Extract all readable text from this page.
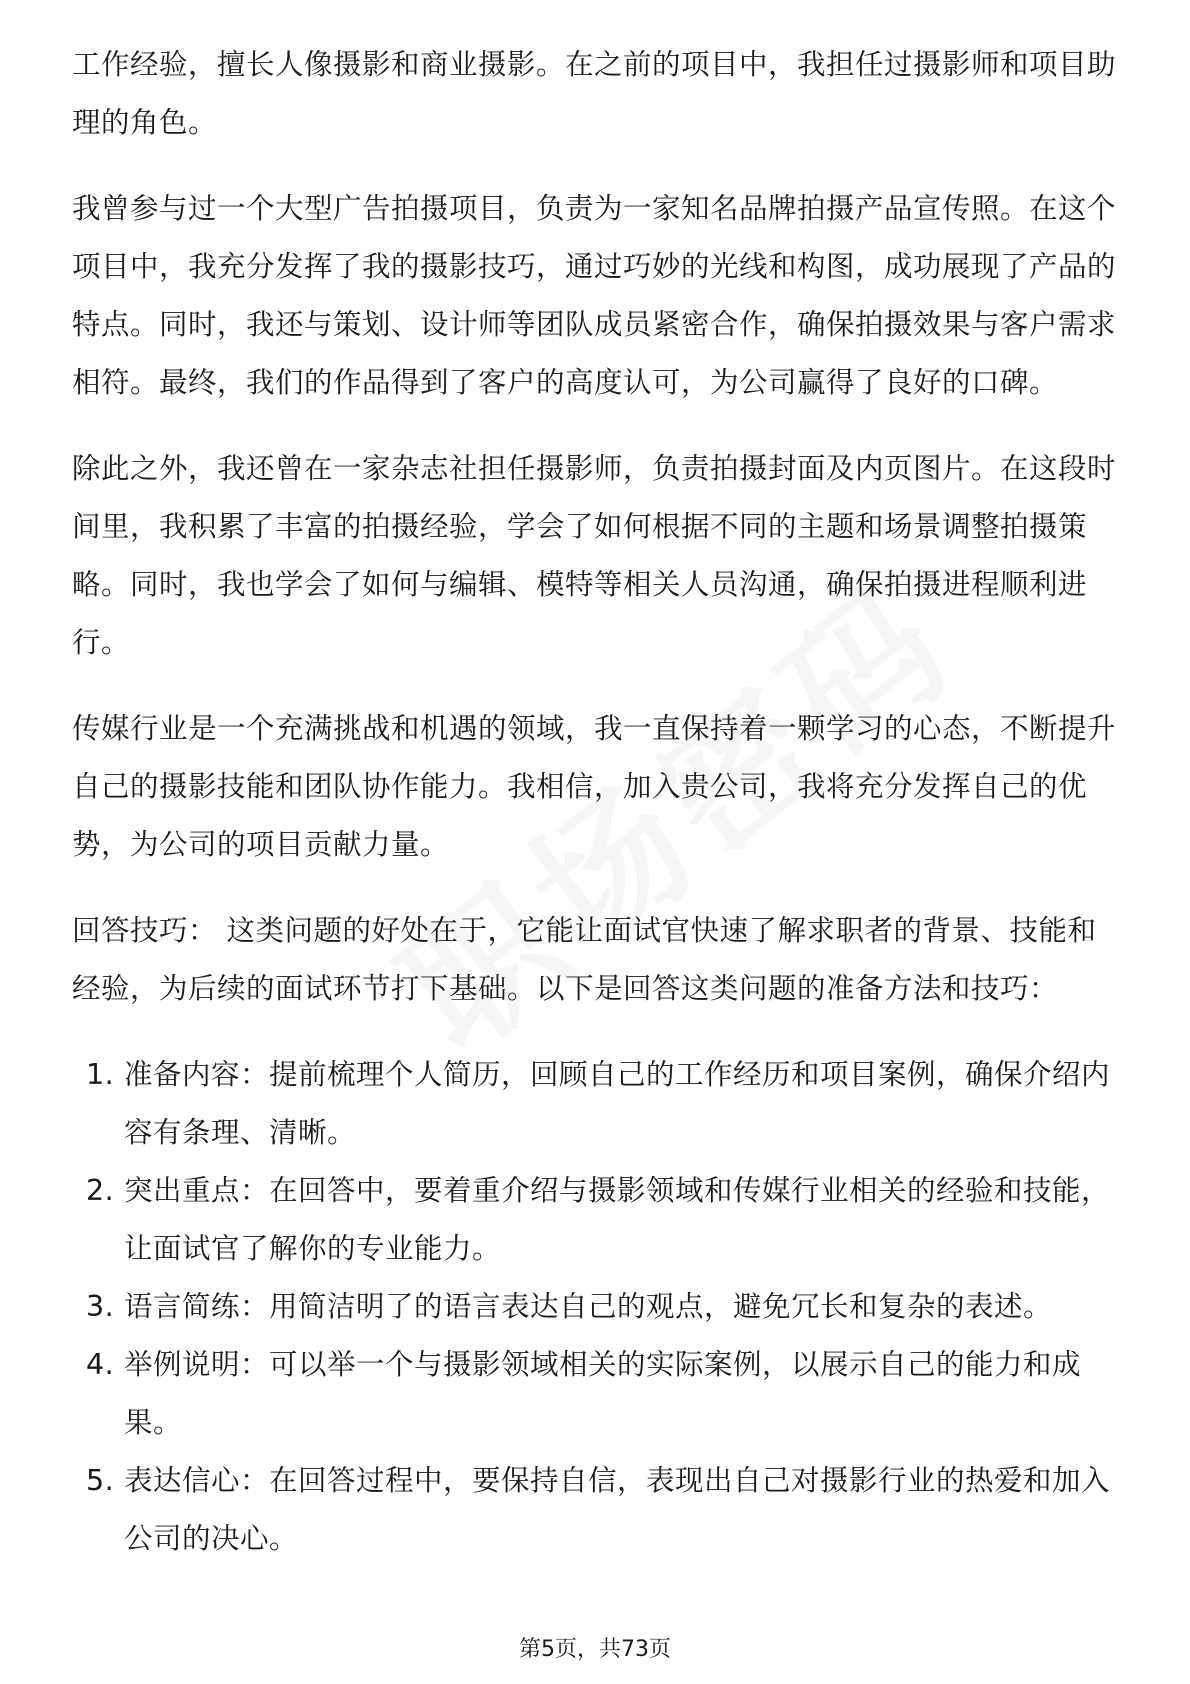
工作经验，擅长人像摄影和商业摄影。在之前的项目中，我担任过摄影师和项目助理的角色。

我曾参与过一个大型广告拍摄项目，负责为一家知名品牌拍摄产品宣传照。在这个项目中，我充分发挥了我的摄影技巧，通过巧妙的光线和构图，成功展现了产品的特点。同时，我还与策划、设计师等团队成员紧密合作，确保拍摄效果与客户需求相符。最终，我们的作品得到了客户的高度认可，为公司赢得了良好的口碑。

除此之外，我还曾在一家杂志社担任摄影师，负责拍摄封面及内页图片。在这段时间里，我积累了丰富的拍摄经验，学会了如何根据不同的主题和场景调整拍摄策略。同时，我也学会了如何与编辑、模特等相关人员沟通，确保拍摄进程顺利进行。

传媒行业是一个充满挑战和机遇的领域，我一直保持着一颗学习的心态，不断提升自己的摄影技能和团队协作能力。我相信，加入贵公司，我将充分发挥自己的优势，为公司的项目贡献力量。

回答技巧： 这类问题的好处在于，它能让面试官快速了解求职者的背景、技能和经验，为后续的面试环节打下基础。以下是回答这类问题的准备方法和技巧：

1. 准备内容：提前梳理个人简历，回顾自己的工作经历和项目案例，确保介绍内容有条理、清晰。
2. 突出重点：在回答中，要着重介绍与摄影领域和传媒行业相关的经验和技能，让面试官了解你的专业能力。
3. 语言简练：用简洁明了的语言表达自己的观点，避免冗长和复杂的表述。
4. 举例说明：可以举一个与摄影领域相关的实际案例，以展示自己的能力和成果。
5. 表达信心：在回答过程中，要保持自信，表现出自己对摄影行业的热爱和加入公司的决心。
第5页，共73页
